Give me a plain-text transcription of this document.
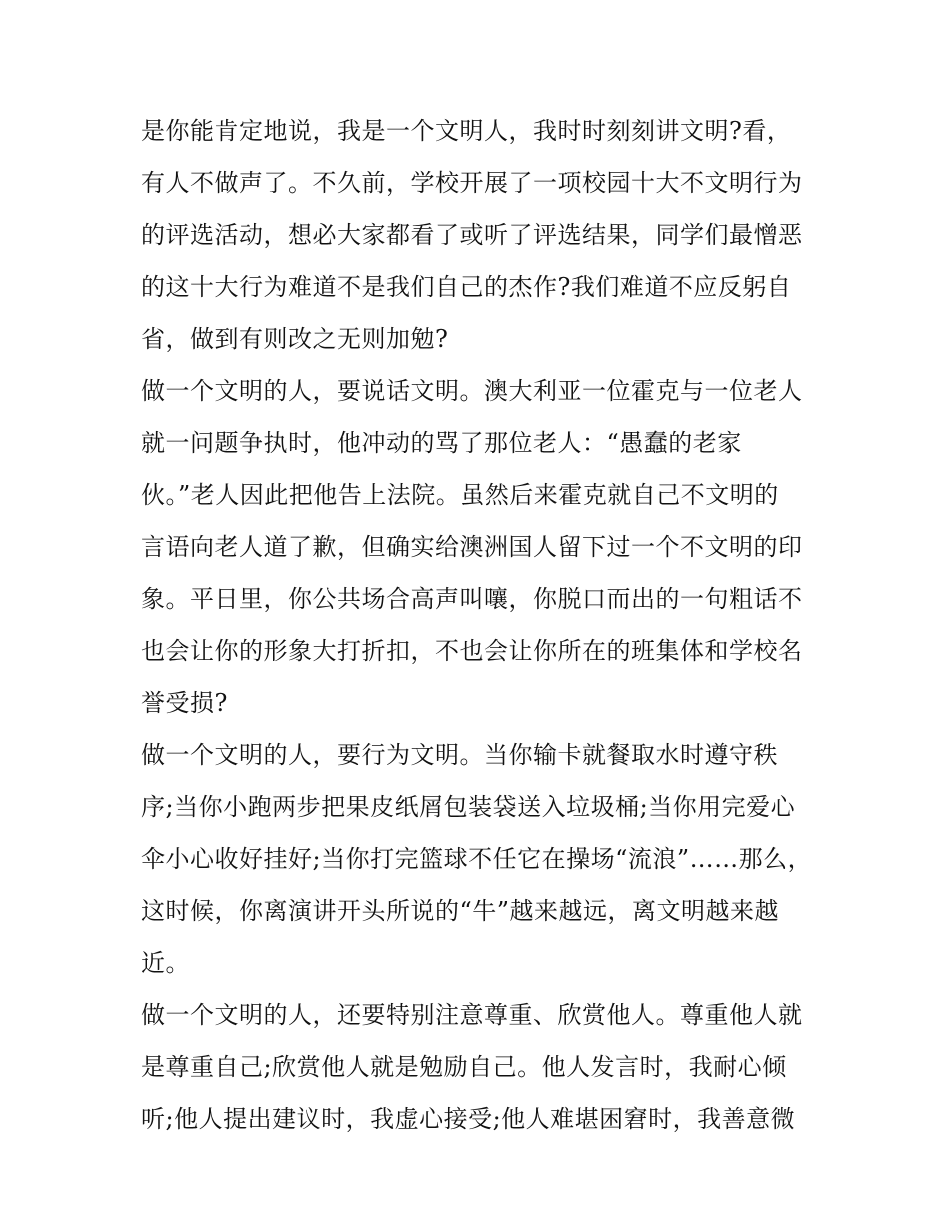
是你能肯定地说，我是一个文明人，我时时刻刻讲文明?看，
有人不做声了。不久前，学校开展了一项校园十大不文明行为
的评选活动，想必大家都看了或听了评选结果，同学们最憎恶
的这十大行为难道不是我们自己的杰作?我们难道不应反躬自
省，做到有则改之无则加勉?
做一个文明的人，要说话文明。澳大利亚一位霍克与一位老人
就一问题争执时，他冲动的骂了那位老人：“愚蠢的老家
伙。”老人因此把他告上法院。虽然后来霍克就自己不文明的
言语向老人道了歉，但确实给澳洲国人留下过一个不文明的印
象。平日里，你公共场合高声叫嚷，你脱口而出的一句粗话不
也会让你的形象大打折扣，不也会让你所在的班集体和学校名
誉受损?
做一个文明的人，要行为文明。当你输卡就餐取水时遵守秩
序;当你小跑两步把果皮纸屑包装袋送入垃圾桶;当你用完爱心
伞小心收好挂好;当你打完篮球不任它在操场“流浪”……那么，
这时候，你离演讲开头所说的“牛”越来越远，离文明越来越
近。
做一个文明的人，还要特别注意尊重、欣赏他人。尊重他人就
是尊重自己;欣赏他人就是勉励自己。他人发言时，我耐心倾
听;他人提出建议时，我虚心接受;他人难堪困窘时，我善意微
